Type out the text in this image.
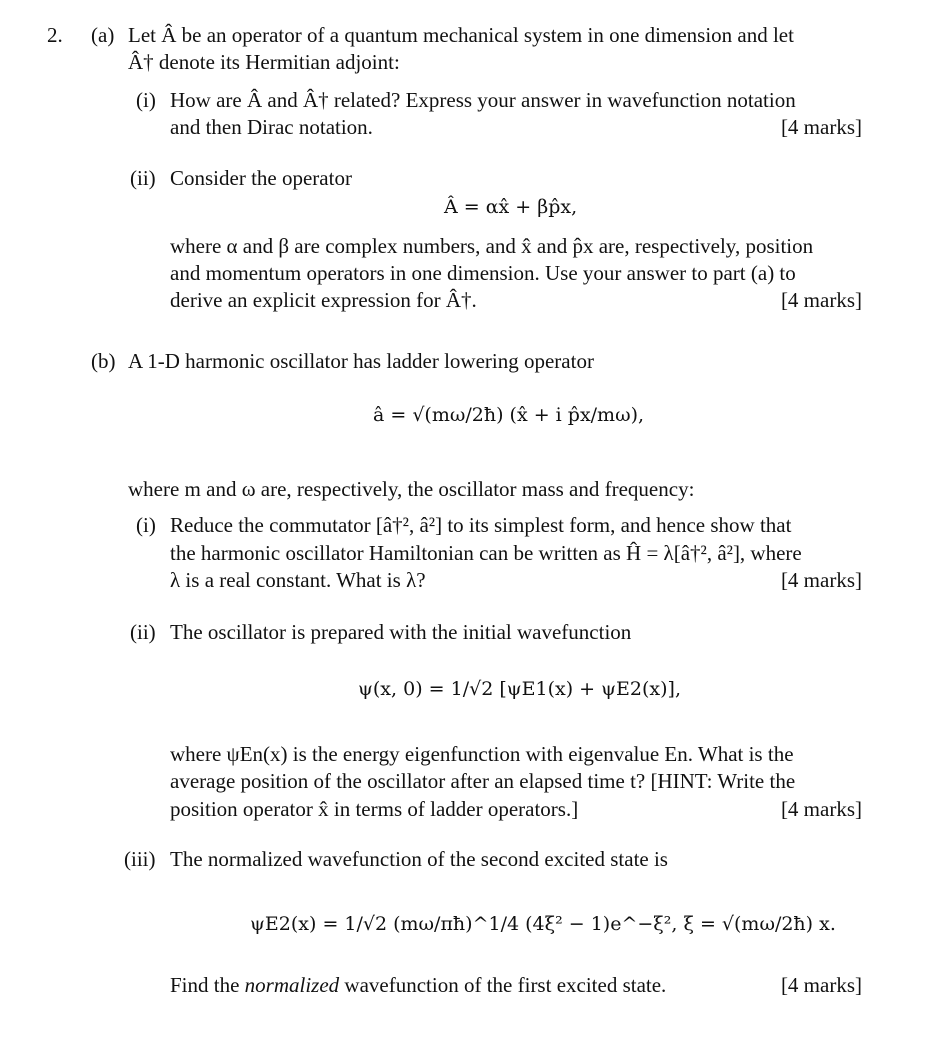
2. (a) Let Â be an operator of a quantum mechanical system in one dimension and let
Â† denote its Hermitian adjoint:
(i) How are Â and Â† related? Express your answer in wavefunction notation
and then Dirac notation.	[4 marks]
(ii) Consider the operator
Â = αx̂ + βp̂x,
where α and β are complex numbers, and x̂ and p̂x are, respectively, position
and momentum operators in one dimension. Use your answer to part (a) to
derive an explicit expression for Â†.	[4 marks]
(b) A 1-D harmonic oscillator has ladder lowering operator
â = √(mω/2ħ) (x̂ + i p̂x/mω),
where m and ω are, respectively, the oscillator mass and frequency:
(i) Reduce the commutator [â†², â²] to its simplest form, and hence show that
the harmonic oscillator Hamiltonian can be written as Ĥ = λ[â†², â²], where
λ is a real constant. What is λ?	[4 marks]
(ii) The oscillator is prepared with the initial wavefunction
ψ(x, 0) = 1/√2 [ψE1(x) + ψE2(x)],
where ψEn(x) is the energy eigenfunction with eigenvalue En. What is the
average position of the oscillator after an elapsed time t? [HINT: Write the
position operator x̂ in terms of ladder operators.]	[4 marks]
(iii) The normalized wavefunction of the second excited state is
ψE2(x) = 1/√2 (mω/πħ)^1/4 (4ξ² − 1)e^−ξ², ξ = √(mω/2ħ) x.
Find the normalized wavefunction of the first excited state.	[4 marks]
